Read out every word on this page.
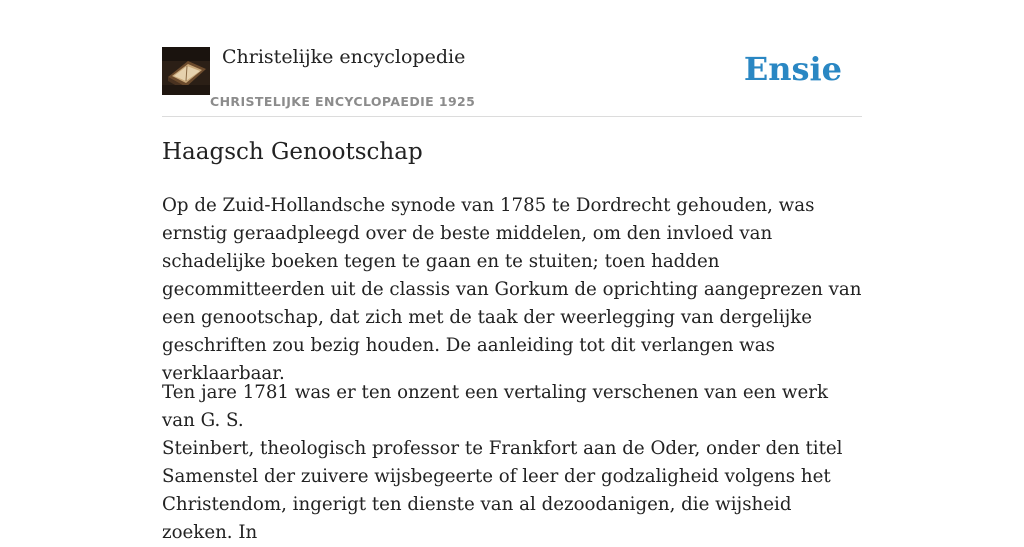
Christelijke encyclopedie
CHRISTELIJKE ENCYCLOPAEDIE 1925
Ensie
Haagsch Genootschap

Op de Zuid-Hollandsche synode van 1785 te Dordrecht gehouden, was ernstig geraadpleegd over de beste middelen, om den invloed van schadelijke boeken tegen te gaan en te stuiten; toen hadden gecommitteerden uit de classis van Gorkum de oprichting aangeprezen van een genootschap, dat zich met de taak der weerlegging van dergelijke geschriften zou bezig houden. De aanleiding tot dit verlangen was verklaarbaar.

Ten jare 1781 was er ten onzent een vertaling verschenen van een werk van G. S.

Steinbert, theologisch professor te Frankfort aan de Oder, onder den titel Samenstel der zuivere wijsbegeerte of leer der godzaligheid volgens het Christendom, ingerigt ten dienste van al dezoodanigen, die wijsheid zoeken. In
